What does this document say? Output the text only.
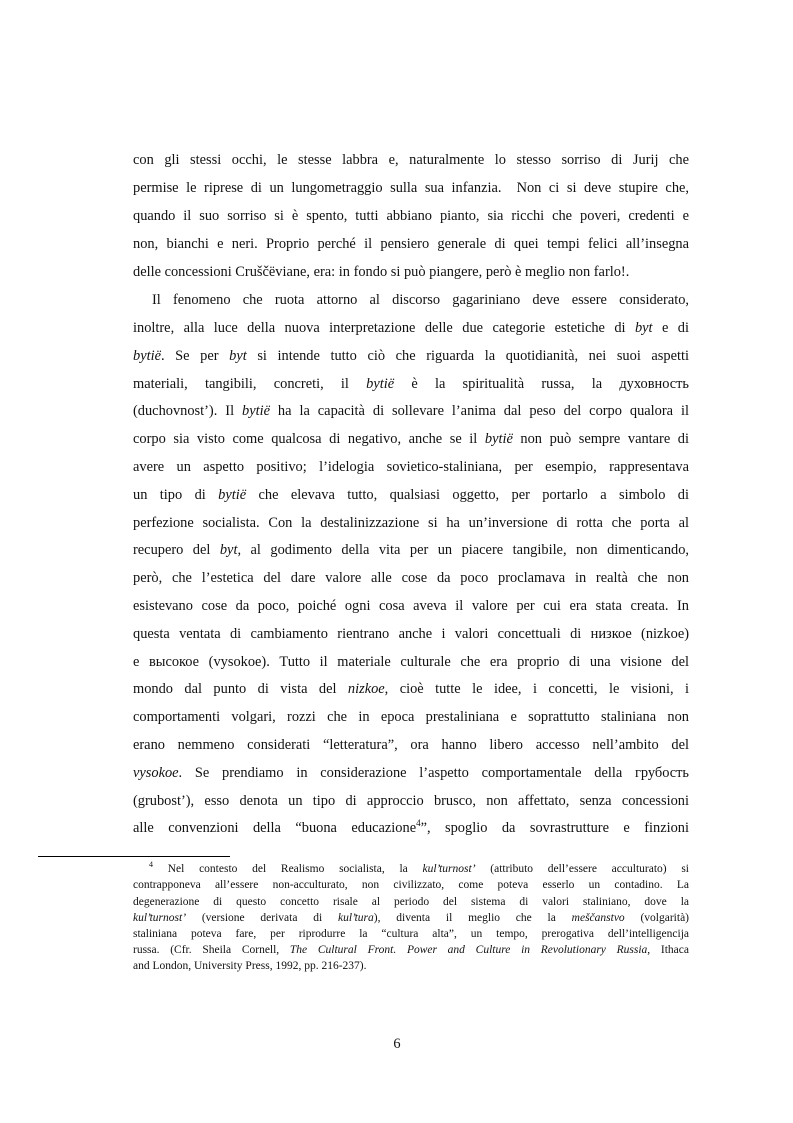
con gli stessi occhi, le stesse labbra e, naturalmente lo stesso sorriso di Jurij che
permise le riprese di un lungometraggio sulla sua infanzia.  Non ci si deve stupire che,
quando il suo sorriso si è spento, tutti abbiano pianto, sia ricchi che poveri, credenti e
non, bianchi e neri. Proprio perché il pensiero generale di quei tempi felici all’insegna
delle concessioni Cruščëviane, era: in fondo si può piangere, però è meglio non farlo!.
Il fenomeno che ruota attorno al discorso gagariniano deve essere considerato,
inoltre, alla luce della nuova interpretazione delle due categorie estetiche di byt e di
bytië. Se per byt si intende tutto ciò che riguarda la quotidianità, nei suoi aspetti
materiali, tangibili, concreti, il bytië è la spiritualità russa, la духовность
(duchovnost’). Il bytië ha la capacità di sollevare l’anima dal peso del corpo qualora il
corpo sia visto come qualcosa di negativo, anche se il bytië non può sempre vantare di
avere un aspetto positivo; l’idelogia sovietico-staliniana, per esempio, rappresentava
un tipo di bytië che elevava tutto, qualsiasi oggetto, per portarlo a simbolo di
perfezione socialista. Con la destalinizzazione si ha un’inversione di rotta che porta al
recupero del byt, al godimento della vita per un piacere tangibile, non dimenticando,
però, che l’estetica del dare valore alle cose da poco proclamava in realtà che non
esistevano cose da poco, poiché ogni cosa aveva il valore per cui era stata creata. In
questa ventata di cambiamento rientrano anche i valori concettuali di низкое (nizkoe)
e высокое (vysokoe). Tutto il materiale culturale che era proprio di una visione del
mondo dal punto di vista del nizkoe, cioè tutte le idee, i concetti, le visioni, i
comportamenti volgari, rozzi che in epoca prestaliniana e soprattutto staliniana non
erano nemmeno considerati “letteratura”, ora hanno libero accesso nell’ambito del
vysokoe. Se prendiamo in considerazione l’aspetto comportamentale della грубость
(grubost’), esso denota un tipo di approccio brusco, non affettato, senza concessioni
alle convenzioni della “buona educazione$^4$”, spoglio da sovrastrutture e finzioni
$^4$ Nel contesto del Realismo socialista, la kul’turnost’ (attributo dell’essere acculturato) si
contrapponeva all’essere non-acculturato, non civilizzato, come poteva esserlo un contadino. La
degenerazione di questo concetto risale al periodo del sistema di valori staliniano, dove la
kul’turnost’ (versione derivata di kul’tura), diventa il meglio che la meščanstvo (volgarità)
staliniana poteva fare, per riprodurre la “cultura alta”, un tempo, prerogativa dell’intelligencija
russa. (Cfr. Sheila Cornell, The Cultural Front. Power and Culture in Revolutionary Russia, Ithaca
and London, University Press, 1992, pp. 216-237).
6
